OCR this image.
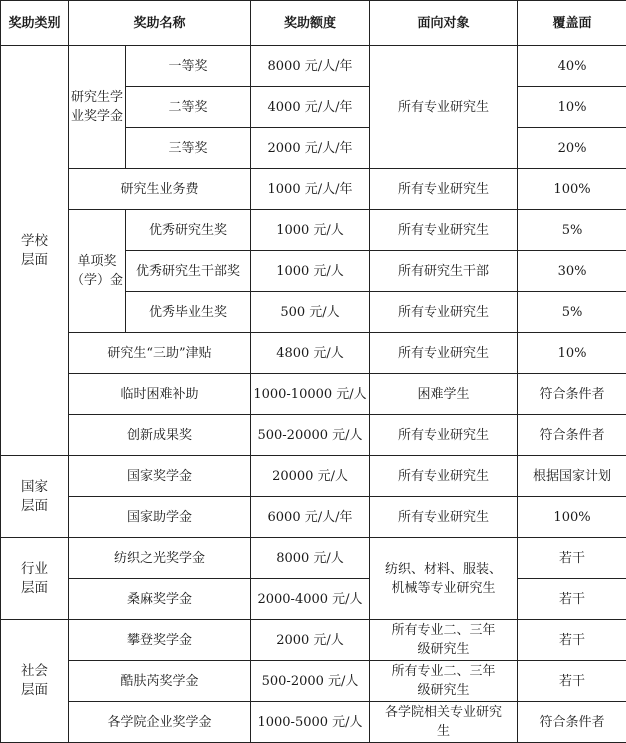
奖助类别	奖助名称		奖助额度	面向对象	覆盖面
学校层面	研究生学业奖学金	一等奖	8000 元/人/年	所有专业研究生	40%
		二等奖	4000 元/人/年		10%
		三等奖	2000 元/人/年		20%
	研究生业务费		1000 元/人/年	所有专业研究生	100%
	单项奖（学）金	优秀研究生奖	1000 元/人	所有专业研究生	5%
		优秀研究生干部奖	1000 元/人	所有研究生干部	30%
		优秀毕业生奖	500 元/人	所有专业研究生	5%
	研究生“三助”津贴		4800 元/人	所有专业研究生	10%
	临时困难补助		1000-10000 元/人	困难学生	符合条件者
	创新成果奖		500-20000 元/人	所有专业研究生	符合条件者
国家层面	国家奖学金		20000 元/人	所有专业研究生	根据国家计划
	国家助学金		6000 元/人/年	所有专业研究生	100%
行业层面	纺织之光奖学金		8000 元/人	纺织、材料、服装、机械等专业研究生	若干
	桑麻奖学金		2000-4000 元/人		若干
社会层面	攀登奖学金		2000 元/人	所有专业二、三年级研究生	若干
	酷肤芮奖学金		500-2000 元/人	所有专业二、三年级研究生	若干
	各学院企业奖学金		1000-5000 元/人	各学院相关专业研究生	符合条件者
